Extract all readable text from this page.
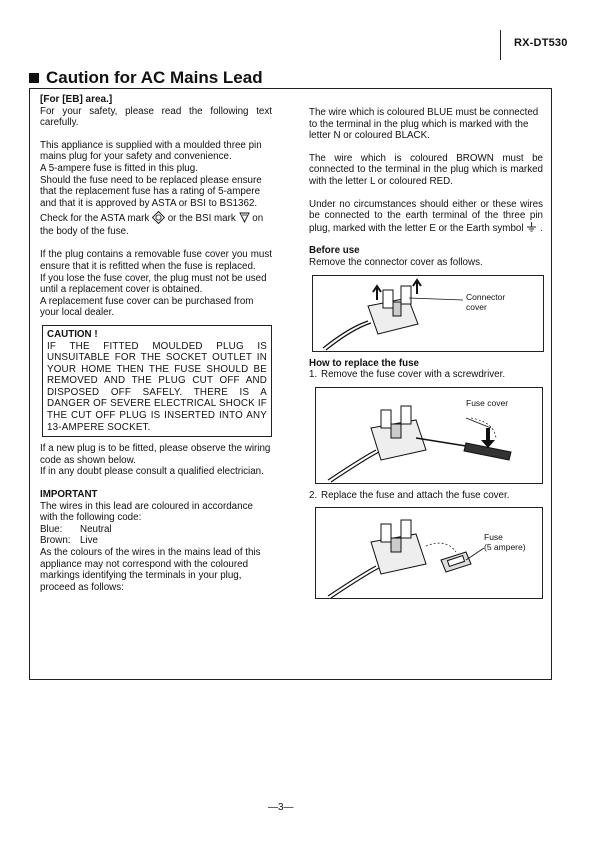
RX-DT530
Caution for AC Mains Lead

[For [EB] area.]

For your safety, please read the following text carefully.

This appliance is supplied with a moulded three pin mains plug for your safety and convenience.

A 5-ampere fuse is fitted in this plug.

Should the fuse need to be replaced please ensure that the replacement fuse has a rating of 5-ampere and that it is approved by ASTA or BSI to BS1362.

Check for the ASTA mark or the BSI mark on the body of the fuse.

If the plug contains a removable fuse cover you must ensure that it is refitted when the fuse is replaced.

If you lose the fuse cover, the plug must not be used until a replacement cover is obtained.

A replacement fuse cover can be purchased from your local dealer.

CAUTION !
IF THE FITTED MOULDED PLUG IS UNSUITABLE FOR THE SOCKET OUTLET IN YOUR HOME THEN THE FUSE SHOULD BE REMOVED AND THE PLUG CUT OFF AND DISPOSED OFF SAFELY. THERE IS A DANGER OF SEVERE ELECTRICAL SHOCK IF THE CUT OFF PLUG IS INSERTED INTO ANY 13-AMPERE SOCKET.

If a new plug is to be fitted, please observe the wiring code as shown below.

If in any doubt please consult a qualified electrician.

IMPORTANT

The wires in this lead are coloured in accordance with the following code:

Blue: Neutral

Brown: Live

As the colours of the wires in the mains lead of this appliance may not correspond with the coloured markings identifying the terminals in your plug, proceed as follows:

The wire which is coloured BLUE must be connected to the terminal in the plug which is marked with the letter N or coloured BLACK.

The wire which is coloured BROWN must be connected to the terminal in the plug which is marked with the letter L or coloured RED.

Under no circumstances should either or these wires be connected to the earth terminal of the three pin plug, marked with the letter E or the Earth symbol  .

Before use

Remove the connector cover as follows.

Connector
cover

How to replace the fuse

1. Remove the fuse cover with a screwdriver.

Fuse cover

2. Replace the fuse and attach the fuse cover.

Fuse
(5 ampere)
—3—
